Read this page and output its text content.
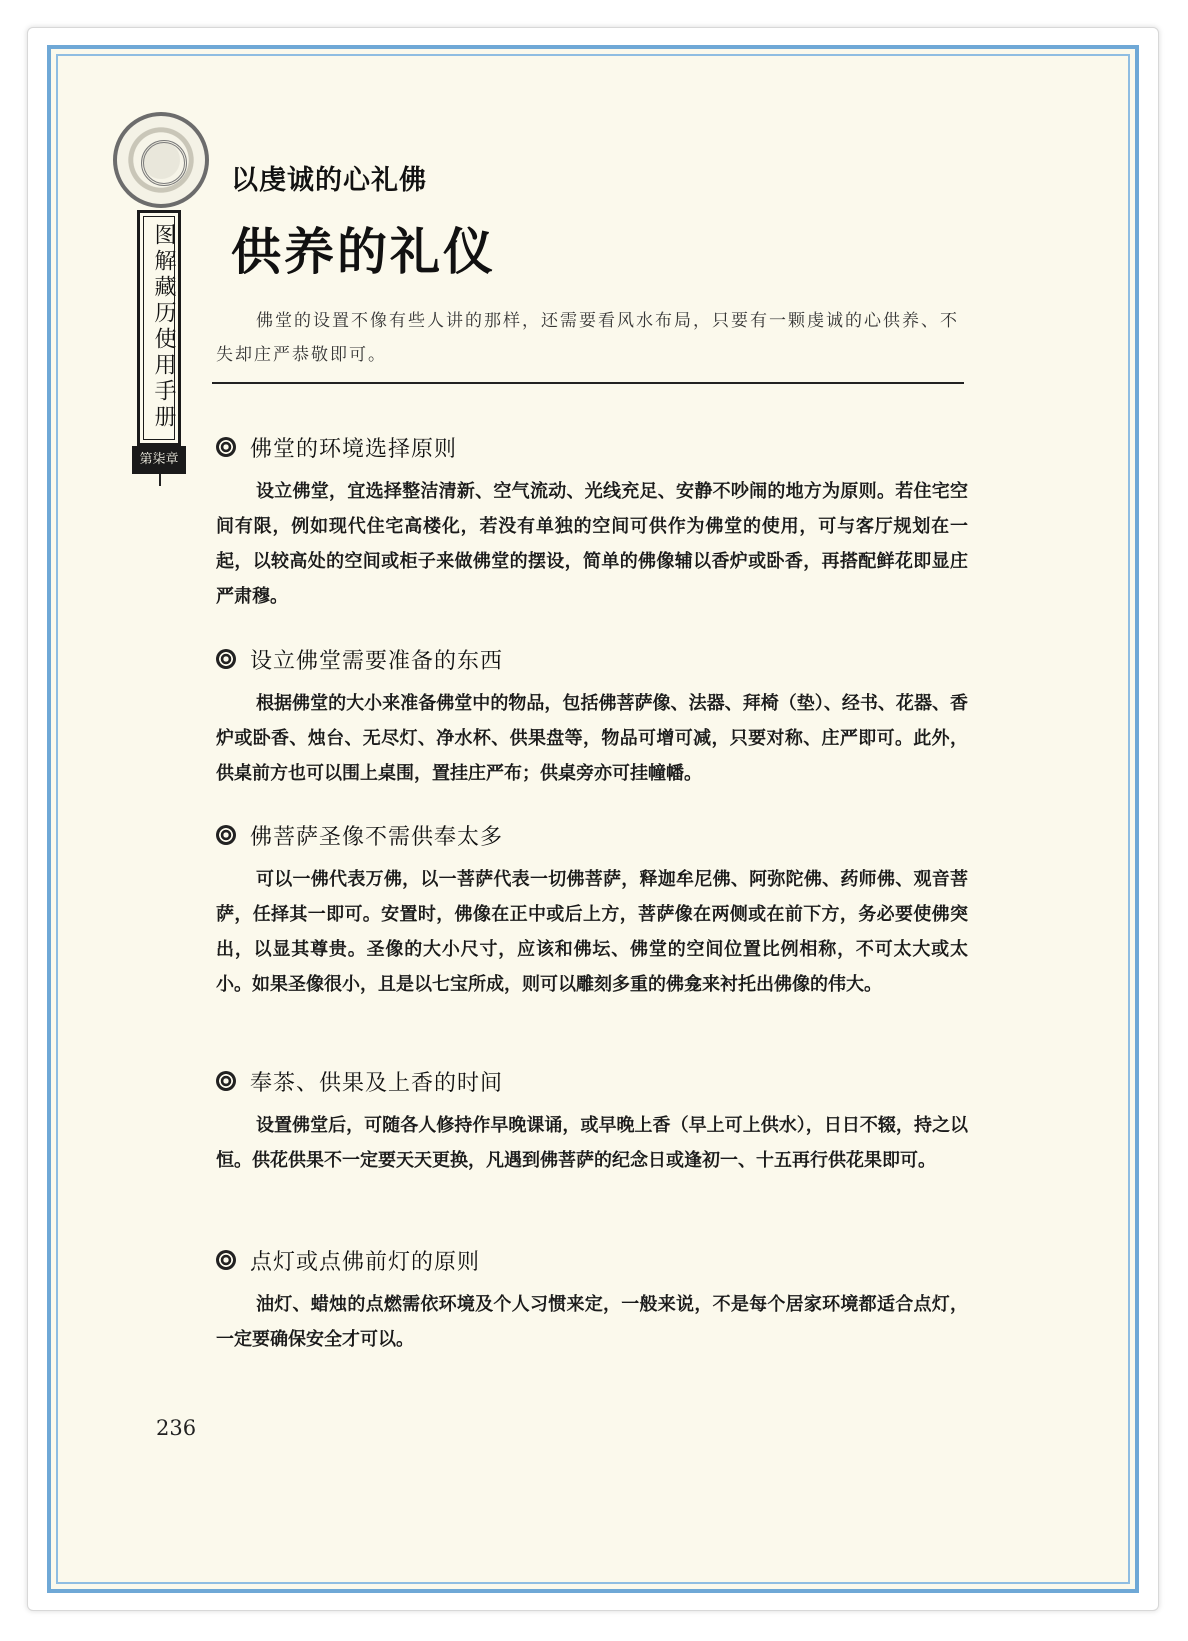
图解藏历使用手册
第柒章
以虔诚的心礼佛
供养的礼仪
佛堂的设置不像有些人讲的那样，还需要看风水布局，只要有一颗虔诚的心供养、不失却庄严恭敬即可。
佛堂的环境选择原则
设立佛堂，宜选择整洁清新、空气流动、光线充足、安静不吵闹的地方为原则。若住宅空间有限，例如现代住宅高楼化，若没有单独的空间可供作为佛堂的使用，可与客厅规划在一起，以较高处的空间或柜子来做佛堂的摆设，简单的佛像辅以香炉或卧香，再搭配鲜花即显庄严肃穆。
设立佛堂需要准备的东西
根据佛堂的大小来准备佛堂中的物品，包括佛菩萨像、法器、拜椅（垫）、经书、花器、香炉或卧香、烛台、无尽灯、净水杯、供果盘等，物品可增可减，只要对称、庄严即可。此外，供桌前方也可以围上桌围，置挂庄严布；供桌旁亦可挂幢幡。
佛菩萨圣像不需供奉太多
可以一佛代表万佛，以一菩萨代表一切佛菩萨，释迦牟尼佛、阿弥陀佛、药师佛、观音菩萨，任择其一即可。安置时，佛像在正中或后上方，菩萨像在两侧或在前下方，务必要使佛突出，以显其尊贵。圣像的大小尺寸，应该和佛坛、佛堂的空间位置比例相称，不可太大或太小。如果圣像很小，且是以七宝所成，则可以雕刻多重的佛龛来衬托出佛像的伟大。
奉茶、供果及上香的时间
设置佛堂后，可随各人修持作早晚课诵，或早晚上香（早上可上供水），日日不辍，持之以恒。供花供果不一定要天天更换，凡遇到佛菩萨的纪念日或逢初一、十五再行供花果即可。
点灯或点佛前灯的原则
油灯、蜡烛的点燃需依环境及个人习惯来定，一般来说，不是每个居家环境都适合点灯，一定要确保安全才可以。
236
